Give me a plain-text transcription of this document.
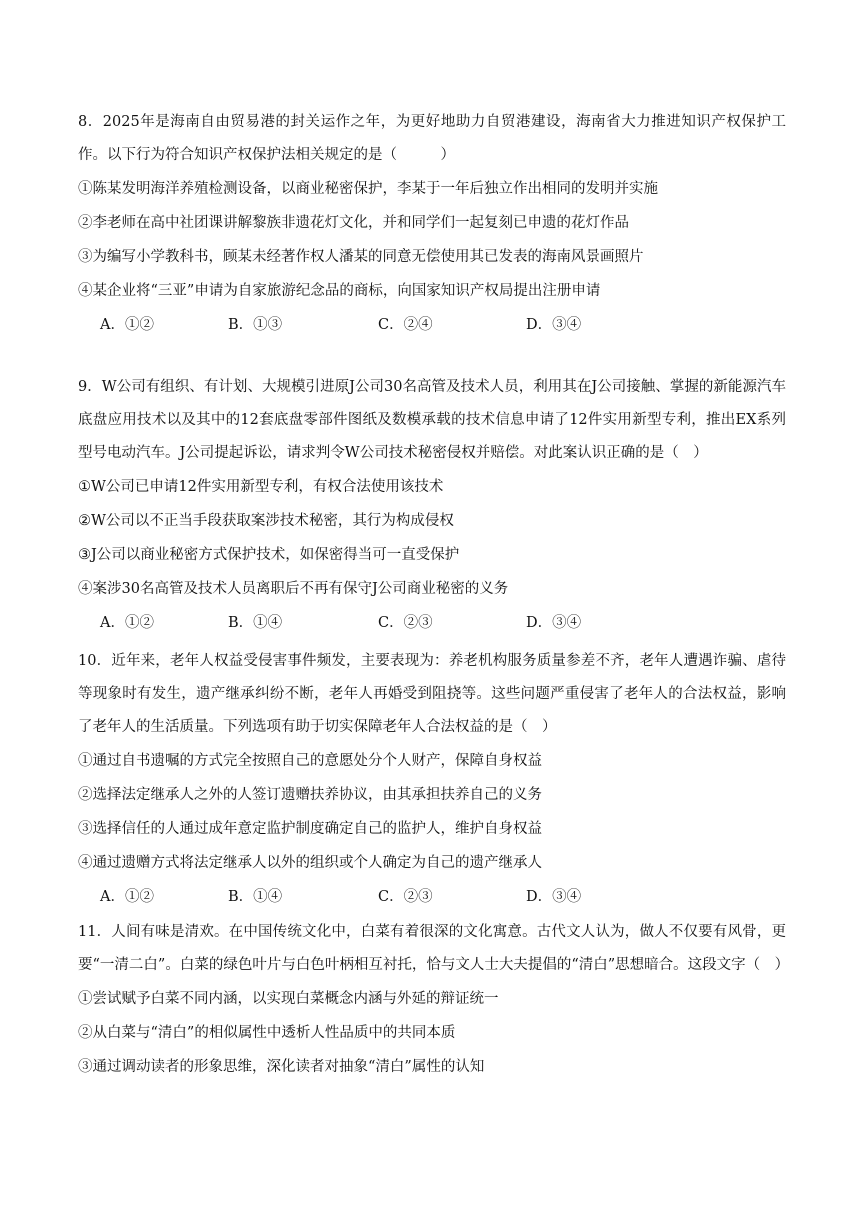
8．2025年是海南自由贸易港的封关运作之年，为更好地助力自贸港建设，海南省大力推进知识产权保护工作。以下行为符合知识产权保护法相关规定的是（　　　）

①陈某发明海洋养殖检测设备，以商业秘密保护，李某于一年后独立作出相同的发明并实施

②李老师在高中社团课讲解黎族非遗花灯文化，并和同学们一起复刻已申遗的花灯作品

③为编写小学教科书，顾某未经著作权人潘某的同意无偿使用其已发表的海南风景画照片

④某企业将“三亚”申请为自家旅游纪念品的商标，向国家知识产权局提出注册申请

A．①②	B．①③	C．②④	D．③④

9．W公司有组织、有计划、大规模引进原J公司30名高管及技术人员，利用其在J公司接触、掌握的新能源汽车底盘应用技术以及其中的12套底盘零部件图纸及数模承载的技术信息申请了12件实用新型专利，推出EX系列型号电动汽车。J公司提起诉讼，请求判令W公司技术秘密侵权并赔偿。对此案认识正确的是（　）

①W公司已申请12件实用新型专利，有权合法使用该技术

②W公司以不正当手段获取案涉技术秘密，其行为构成侵权

③J公司以商业秘密方式保护技术，如保密得当可一直受保护

④案涉30名高管及技术人员离职后不再有保守J公司商业秘密的义务

A．①②	B．①④	C．②③	D．③④

10．近年来，老年人权益受侵害事件频发，主要表现为：养老机构服务质量参差不齐，老年人遭遇诈骗、虐待等现象时有发生，遗产继承纠纷不断，老年人再婚受到阻挠等。这些问题严重侵害了老年人的合法权益，影响了老年人的生活质量。下列选项有助于切实保障老年人合法权益的是（　）

①通过自书遗嘱的方式完全按照自己的意愿处分个人财产，保障自身权益

②选择法定继承人之外的人签订遗赠扶养协议，由其承担扶养自己的义务

③选择信任的人通过成年意定监护制度确定自己的监护人，维护自身权益

④通过遗赠方式将法定继承人以外的组织或个人确定为自己的遗产继承人

A．①②	B．①④	C．②③	D．③④

11．人间有味是清欢。在中国传统文化中，白菜有着很深的文化寓意。古代文人认为，做人不仅要有风骨，更要“一清二白”。白菜的绿色叶片与白色叶柄相互衬托，恰与文人士大夫提倡的“清白”思想暗合。这段文字（　）

①尝试赋予白菜不同内涵，以实现白菜概念内涵与外延的辩证统一

②从白菜与“清白”的相似属性中透析人性品质中的共同本质

③通过调动读者的形象思维，深化读者对抽象“清白”属性的认知
